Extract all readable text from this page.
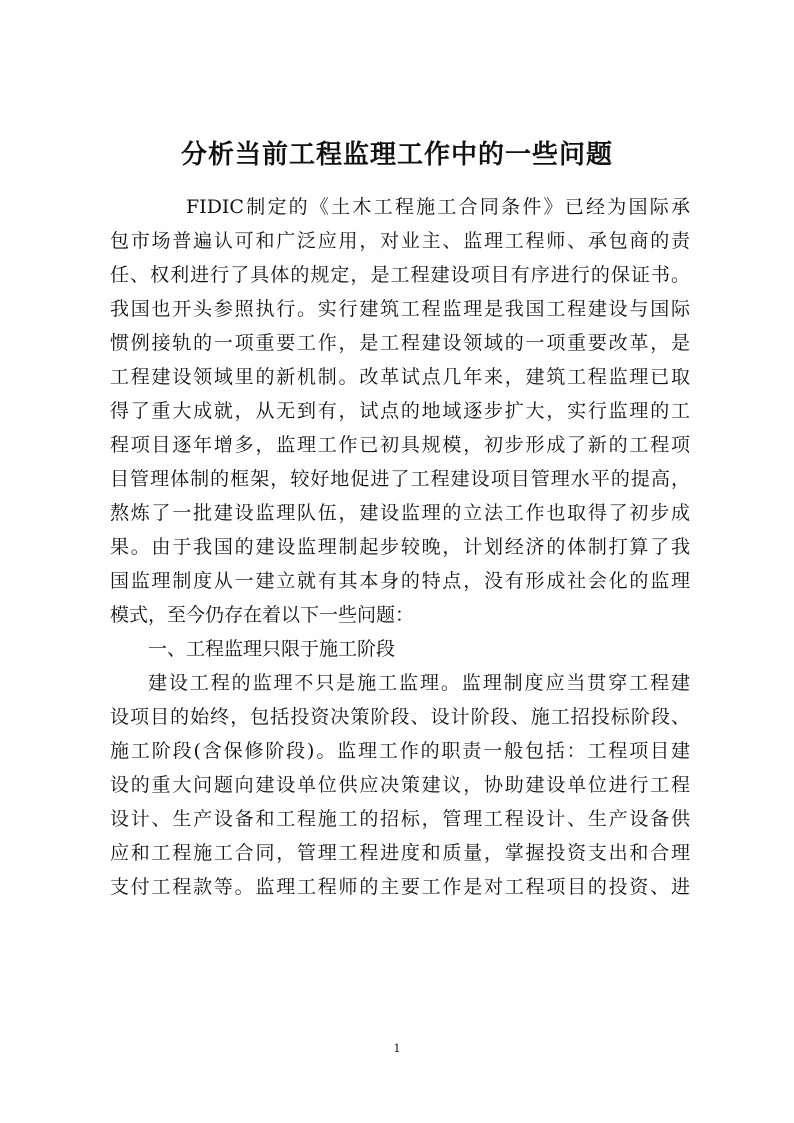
分析当前工程监理工作中的一些问题

FIDIC制定的《土木工程施工合同条件》已经为国际承

包市场普遍认可和广泛应用，对业主、监理工程师、承包商的责

任、权利进行了具体的规定，是工程建设项目有序进行的保证书。

我国也开头参照执行。实行建筑工程监理是我国工程建设与国际

惯例接轨的一项重要工作，是工程建设领域的一项重要改革，是

工程建设领域里的新机制。改革试点几年来，建筑工程监理已取

得了重大成就，从无到有，试点的地域逐步扩大，实行监理的工

程项目逐年增多，监理工作已初具规模，初步形成了新的工程项

目管理体制的框架，较好地促进了工程建设项目管理水平的提高，

熬炼了一批建设监理队伍，建设监理的立法工作也取得了初步成

果。由于我国的建设监理制起步较晚，计划经济的体制打算了我

国监理制度从一建立就有其本身的特点，没有形成社会化的监理

模式，至今仍存在着以下一些问题：

一、工程监理只限于施工阶段

建设工程的监理不只是施工监理。监理制度应当贯穿工程建

设项目的始终，包括投资决策阶段、设计阶段、施工招投标阶段、

施工阶段(含保修阶段)。监理工作的职责一般包括：工程项目建

设的重大问题向建设单位供应决策建议，协助建设单位进行工程

设计、生产设备和工程施工的招标，管理工程设计、生产设备供

应和工程施工合同，管理工程进度和质量，掌握投资支出和合理

支付工程款等。监理工程师的主要工作是对工程项目的投资、进

1
